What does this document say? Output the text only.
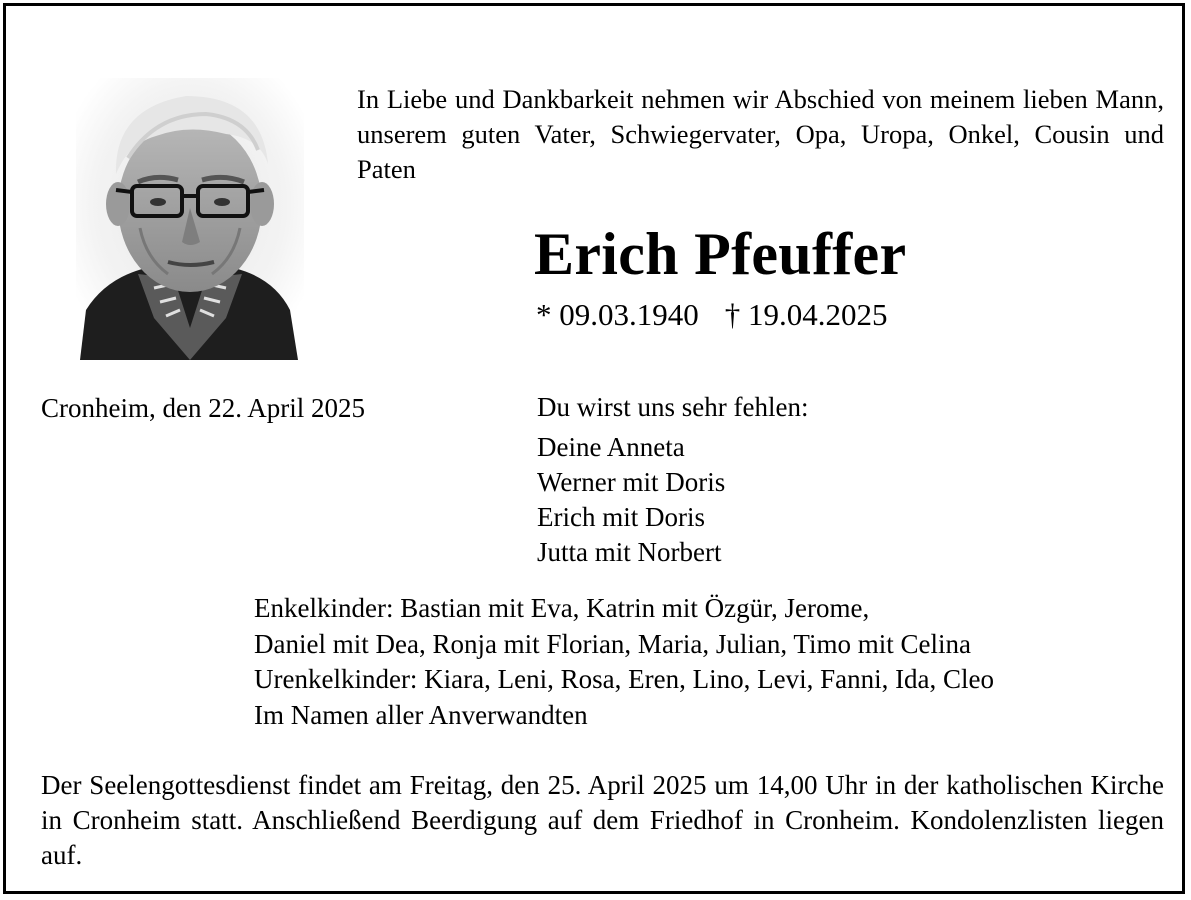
In Liebe und Dankbarkeit nehmen wir Abschied von meinem lieben Mann, unserem guten Vater, Schwiegervater, Opa, Uropa, Onkel, Cousin und Paten
Erich Pfeuffer
* 09.03.1940 † 19.04.2025
Cronheim, den 22. April 2025	Du wirst uns sehr fehlen:
Deine Anneta
Werner mit Doris
Erich mit Doris
Jutta mit Norbert
Enkelkinder: Bastian mit Eva, Katrin mit Özgür, Jerome,
Daniel mit Dea, Ronja mit Florian, Maria, Julian, Timo mit Celina
Urenkelkinder: Kiara, Leni, Rosa, Eren, Lino, Levi, Fanni, Ida, Cleo
Im Namen aller Anverwandten
Der Seelengottesdienst findet am Freitag, den 25. April 2025 um 14,00 Uhr in der katholischen Kirche in Cronheim statt. Anschließend Beerdigung auf dem Friedhof in Cronheim. Kondolenzlisten liegen auf.
